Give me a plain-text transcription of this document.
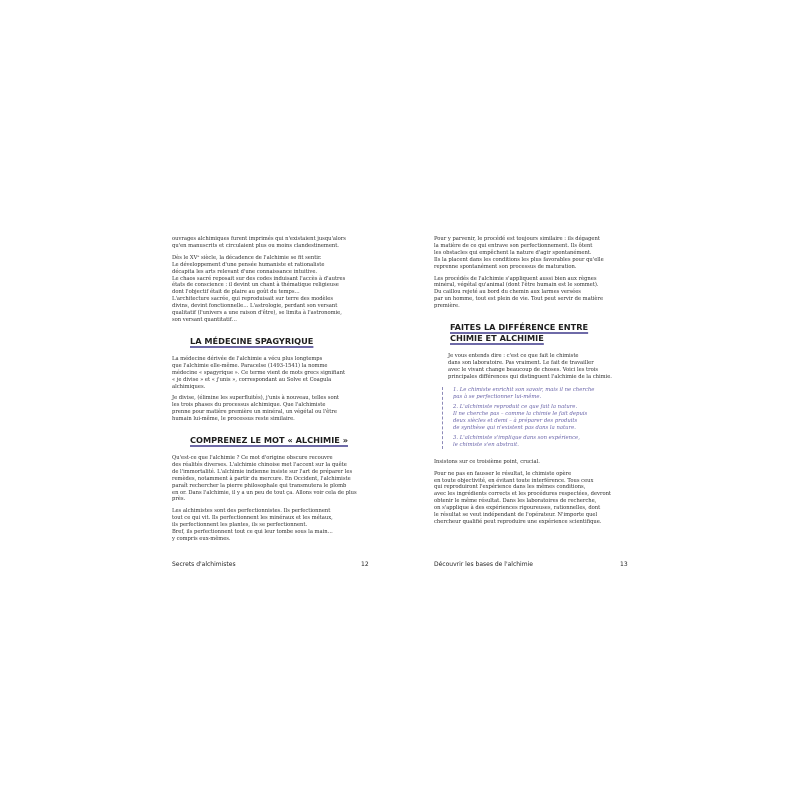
ouvrages alchimiques furent imprimés qui n'existaient jusqu'alors
qu'en manuscrits et circulaient plus ou moins clandestinement.

Dès le XVᵉ siècle, la décadence de l'alchimie se fit sentir.
Le développement d'une pensée humaniste et rationaliste
décapita les arts relevant d'une connaissance intuitive.
Le chaos sacré reposait sur des codes induisant l'accès à d'autres
états de conscience : il devint un chant à thématique religieuse
dont l'objectif était de plaire au goût du temps…
L'architecture sacrée, qui reproduisait sur terre des modèles
divins, devint fonctionnelle… L'astrologie, perdant son versant
qualitatif (l'univers a une raison d'être), se limita à l'astronomie,
son versant quantitatif…

LA MÉDECINE SPAGYRIQUE

La médecine dérivée de l'alchimie a vécu plus longtemps
que l'alchimie elle-même. Paracelse (1493-1541) la nomme
médecine « spagyrique ». Ce terme vient de mots grecs signifiant
« je divise » et « j'unis », correspondant au Solve et Coagula
alchimiques.

Je divise, (élimine les superfluités), j'unis à nouveau, telles sont
les trois phases du processus alchimique. Que l'alchimiste
prenne pour matière première un minéral, un végétal ou l'être
humain lui-même, le processus reste similaire.

COMPRENEZ LE MOT « ALCHIMIE »

Qu'est-ce que l'alchimie ? Ce mot d'origine obscure recouvre
des réalités diverses. L'alchimie chinoise met l'accent sur la quête
de l'immortalité. L'alchimie indienne insiste sur l'art de préparer les
remèdes, notamment à partir du mercure. En Occident, l'alchimiste
paraît rechercher la pierre philosophale qui transmutera le plomb
en or. Dans l'alchimie, il y a un peu de tout ça. Allons voir cela de plus
près.

Les alchimistes sont des perfectionnistes. Ils perfectionnent
tout ce qui vit. Ils perfectionnent les minéraux et les métaux,
ils perfectionnent les plantes, ils se perfectionnent.
Bref, ils perfectionnent tout ce qui leur tombe sous la main…
y compris eux-mêmes.

Pour y parvenir, le procédé est toujours similaire : ils dégagent
la matière de ce qui entrave son perfectionnement. Ils ôtent
les obstacles qui empêchent la nature d'agir spontanément.
Ils la placent dans les conditions les plus favorables pour qu'elle
reprenne spontanément son processus de maturation.

Les procédés de l'alchimie s'appliquent aussi bien aux règnes
minéral, végétal qu'animal (dont l'être humain est le sommet).
Du caillou rejeté au bord du chemin aux larmes versées
par un homme, tout est plein de vie. Tout peut servir de matière
première.

FAITES LA DIFFÉRENCE ENTRE
CHIMIE ET ALCHIMIE

Je vous entends dire : c'est ce que fait le chimiste
dans son laboratoire. Pas vraiment. Le fait de travailler
avec le vivant change beaucoup de choses. Voici les trois
principales différences qui distinguent l'alchimie de la chimie.

1. Le chimiste enrichit son savoir, mais il ne cherche
pas à se perfectionner lui-même.

2. L'alchimiste reproduit ce que fait la nature.
Il ne cherche pas – comme la chimie le fait depuis
deux siècles et demi – à préparer des produits
de synthèse qui n'existent pas dans la nature.

3. L'alchimiste s'implique dans son expérience,
le chimiste s'en abstrait.

Insistons sur ce troisième point, crucial.

Pour ne pas en fausser le résultat, le chimiste opère
en toute objectivité, en évitant toute interférence. Tous ceux
qui reproduiront l'expérience dans les mêmes conditions,
avec les ingrédients corrects et les procédures respectées, devront
obtenir le même résultat. Dans les laboratoires de recherche,
on s'applique à des expériences rigoureuses, rationnelles, dont
le résultat se veut indépendant de l'opérateur. N'importe quel
chercheur qualifié peut reproduire une expérience scientifique.

Secrets d'alchimistes	12	Découvrir les bases de l'alchimie	13
